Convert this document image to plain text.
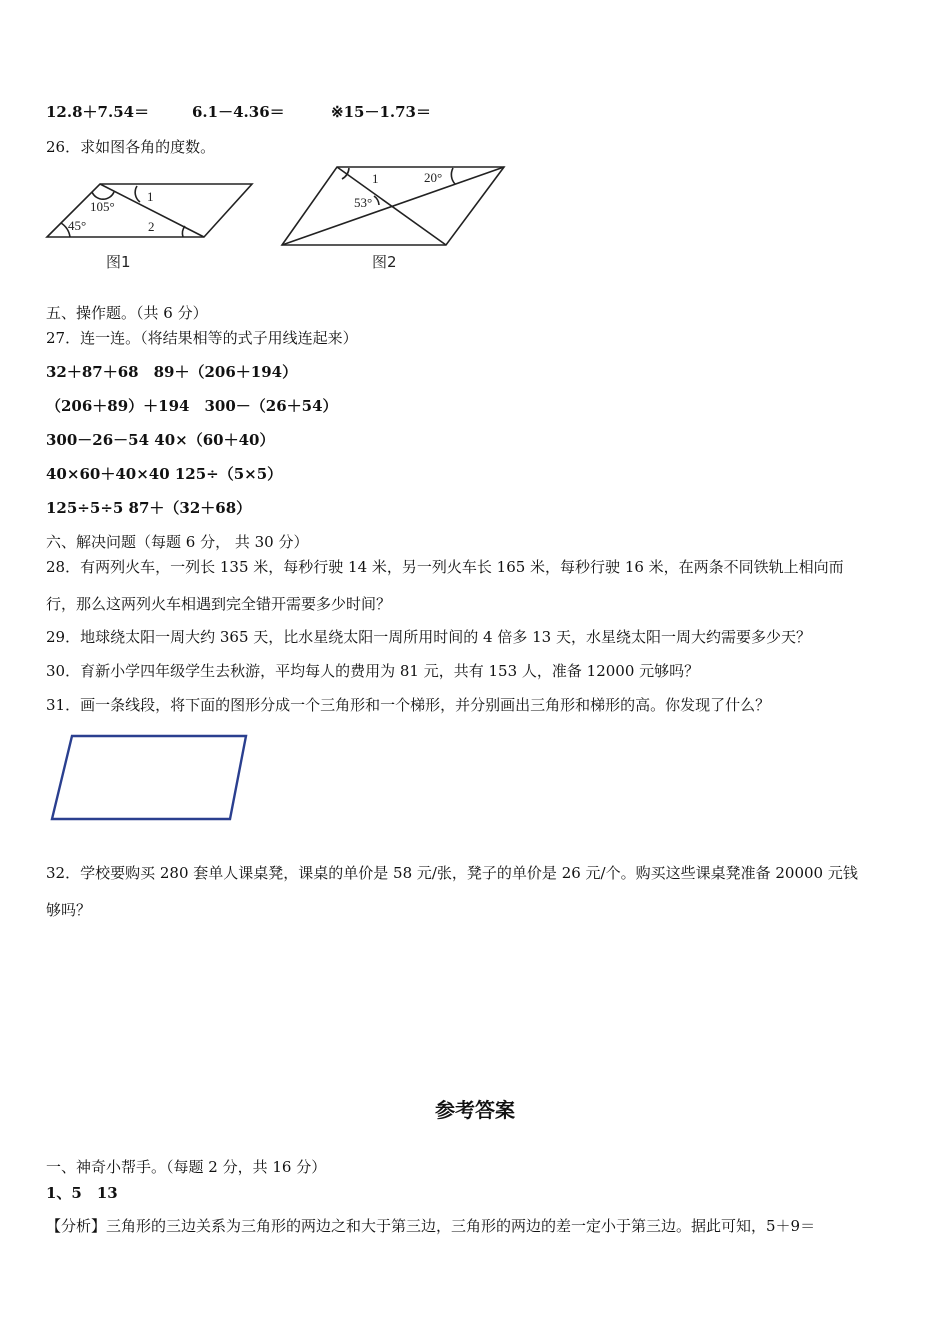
12.8＋7.54＝	6.1－4.36＝	※15－1.73＝
26．求如图各角的度数。
105°
45°
1
2
图1
1	20°
53°
图2
五、操作题。（共 6 分）
27．连一连。（将结果相等的式子用线连起来）
32＋87＋68　89＋（206＋194）
（206＋89）＋194　300－（26＋54）
300－26－54 40×（60＋40）
40×60＋40×40 125÷（5×5）
125÷5÷5 87＋（32＋68）
六、解决问题（每题 6 分， 共 30 分）
28．有两列火车，一列长 135 米，每秒行驶 14 米，另一列火车长 165 米，每秒行驶 16 米，在两条不同铁轨上相向而
行，那么这两列火车相遇到完全错开需要多少时间？
29．地球绕太阳一周大约 365 天，比水星绕太阳一周所用时间的 4 倍多 13 天，水星绕太阳一周大约需要多少天？
30．育新小学四年级学生去秋游，平均每人的费用为 81 元，共有 153 人，准备 12000 元够吗？
31．画一条线段，将下面的图形分成一个三角形和一个梯形，并分别画出三角形和梯形的高。你发现了什么？
32．学校要购买 280 套单人课桌凳，课桌的单价是 58 元/张，凳子的单价是 26 元/个。购买这些课桌凳准备 20000 元钱
够吗？
参考答案
一、神奇小帮手。（每题 2 分，共 16 分）
1、5　13
【分析】三角形的三边关系为三角形的两边之和大于第三边，三角形的两边的差一定小于第三边。据此可知，5＋9＝
